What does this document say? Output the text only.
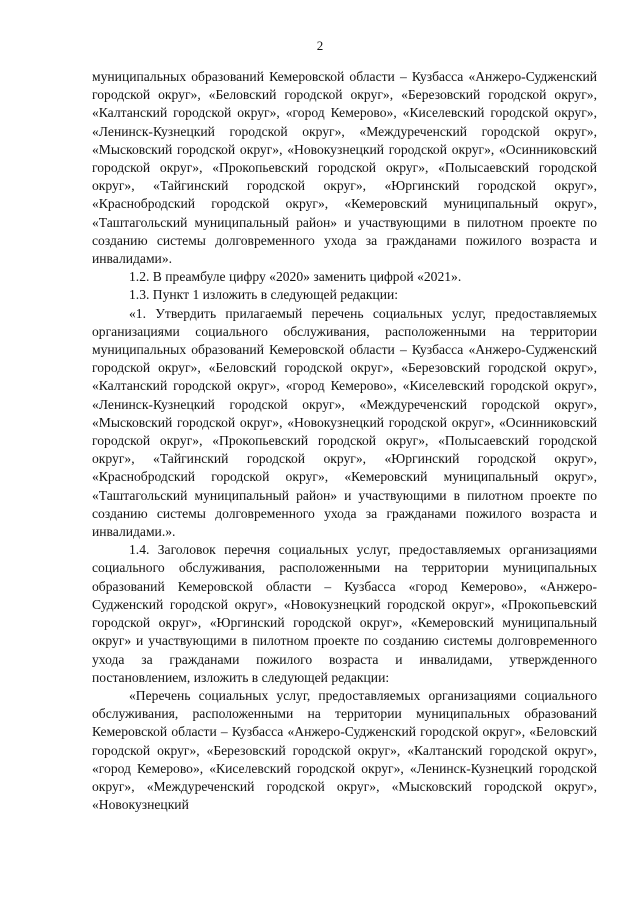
2

муниципальных образований Кемеровской области – Кузбасса «Анжеро-Судженский городской округ», «Беловский городской округ», «Березовский городской округ», «Калтанский городской округ», «город Кемерово», «Киселевский городской округ», «Ленинск-Кузнецкий городской округ», «Междуреченский городской округ», «Мысковский городской округ», «Новокузнецкий городской округ», «Осинниковский городской округ», «Прокопьевский городской округ», «Полысаевский городской округ», «Тайгинский городской округ», «Юргинский городской округ», «Краснобродский городской округ», «Кемеровский муниципальный округ», «Таштагольский муниципальный район» и участвующими в пилотном проекте по созданию системы долговременного ухода за гражданами пожилого возраста и инвалидами».

1.2. В преамбуле цифру «2020» заменить цифрой «2021».

1.3. Пункт 1 изложить в следующей редакции:

«1. Утвердить прилагаемый перечень социальных услуг, предоставляемых организациями социального обслуживания, расположенными на территории муниципальных образований Кемеровской области – Кузбасса «Анжеро-Судженский городской округ», «Беловский городской округ», «Березовский городской округ», «Калтанский городской округ», «город Кемерово», «Киселевский городской округ», «Ленинск-Кузнецкий городской округ», «Междуреченский городской округ», «Мысковский городской округ», «Новокузнецкий городской округ», «Осинниковский городской округ», «Прокопьевский городской округ», «Полысаевский городской округ», «Тайгинский городской округ», «Юргинский городской округ», «Краснобродский городской округ», «Кемеровский муниципальный округ», «Таштагольский муниципальный район» и участвующими в пилотном проекте по созданию системы долговременного ухода за гражданами пожилого возраста и инвалидами.».

1.4. Заголовок перечня социальных услуг, предоставляемых организациями социального обслуживания, расположенными на территории муниципальных образований Кемеровской области – Кузбасса «город Кемерово», «Анжеро-Судженский городской округ», «Новокузнецкий городской округ», «Прокопьевский городской округ», «Юргинский городской округ», «Кемеровский муниципальный округ» и участвующими в пилотном проекте по созданию системы долговременного ухода за гражданами пожилого возраста и инвалидами, утвержденного постановлением, изложить в следующей редакции:

«Перечень социальных услуг, предоставляемых организациями социального обслуживания, расположенными на территории муниципальных образований Кемеровской области – Кузбасса «Анжеро-Судженский городской округ», «Беловский городской округ», «Березовский городской округ», «Калтанский городской округ», «город Кемерово», «Киселевский городской округ», «Ленинск-Кузнецкий городской округ», «Междуреченский городской округ», «Мысковский городской округ», «Новокузнецкий
